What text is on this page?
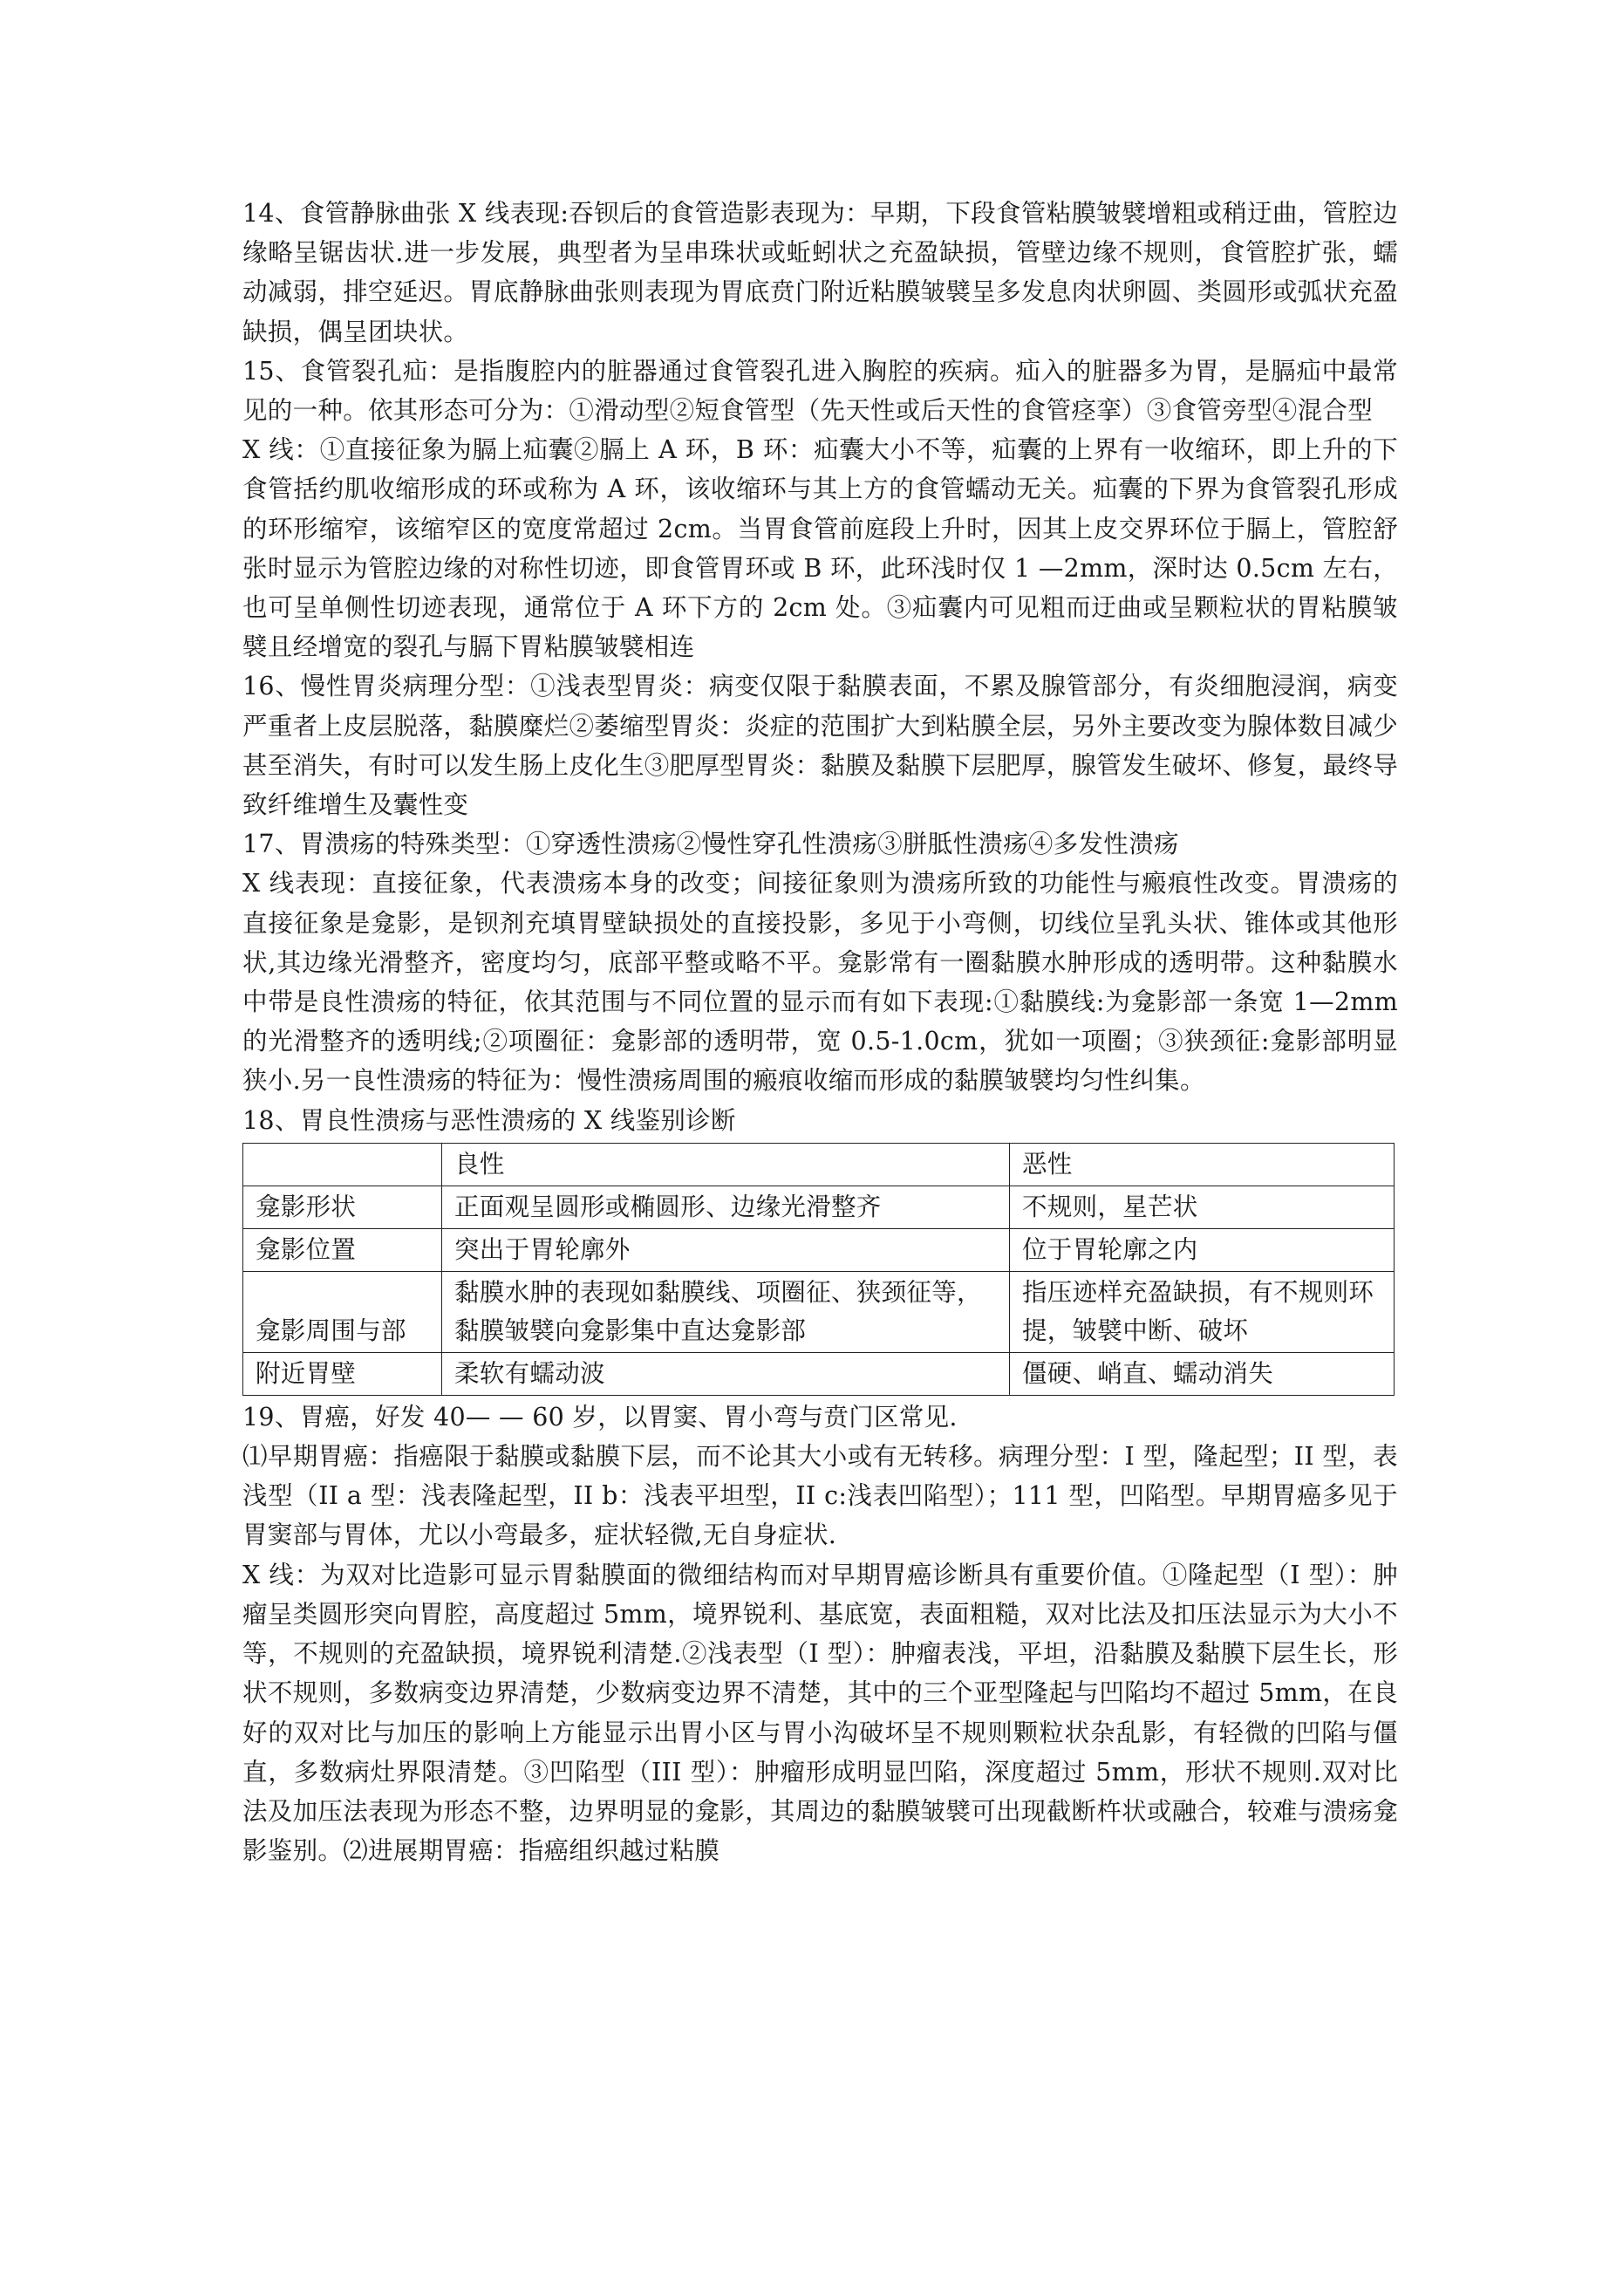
14、食管静脉曲张 X 线表现:吞钡后的食管造影表现为：早期，下段食管粘膜皱襞增粗或稍迂曲，管腔边缘略呈锯齿状.进一步发展，典型者为呈串珠状或蚯蚓状之充盈缺损，管壁边缘不规则，食管腔扩张，蠕动减弱，排空延迟。胃底静脉曲张则表现为胃底贲门附近粘膜皱襞呈多发息肉状卵圆、类圆形或弧状充盈缺损，偶呈团块状。

15、食管裂孔疝：是指腹腔内的脏器通过食管裂孔进入胸腔的疾病。疝入的脏器多为胃，是膈疝中最常见的一种。依其形态可分为：①滑动型②短食管型（先天性或后天性的食管痉挛）③食管旁型④混合型

X 线：①直接征象为膈上疝囊②膈上 A 环，B 环：疝囊大小不等，疝囊的上界有一收缩环，即上升的下食管括约肌收缩形成的环或称为 A 环，该收缩环与其上方的食管蠕动无关。疝囊的下界为食管裂孔形成的环形缩窄，该缩窄区的宽度常超过 2cm。当胃食管前庭段上升时，因其上皮交界环位于膈上，管腔舒张时显示为管腔边缘的对称性切迹，即食管胃环或 B 环，此环浅时仅 1 —2mm，深时达 0.5cm 左右，也可呈单侧性切迹表现，通常位于 A 环下方的 2cm 处。③疝囊内可见粗而迂曲或呈颗粒状的胃粘膜皱襞且经增宽的裂孔与膈下胃粘膜皱襞相连

16、慢性胃炎病理分型：①浅表型胃炎：病变仅限于黏膜表面，不累及腺管部分，有炎细胞浸润，病变严重者上皮层脱落，黏膜糜烂②萎缩型胃炎：炎症的范围扩大到粘膜全层，另外主要改变为腺体数目减少甚至消失，有时可以发生肠上皮化生③肥厚型胃炎：黏膜及黏膜下层肥厚，腺管发生破坏、修复，最终导致纤维增生及囊性变

17、胃溃疡的特殊类型：①穿透性溃疡②慢性穿孔性溃疡③胼胝性溃疡④多发性溃疡

X 线表现：直接征象，代表溃疡本身的改变；间接征象则为溃疡所致的功能性与瘢痕性改变。胃溃疡的直接征象是龛影，是钡剂充填胃壁缺损处的直接投影，多见于小弯侧，切线位呈乳头状、锥体或其他形状,其边缘光滑整齐，密度均匀，底部平整或略不平。龛影常有一圈黏膜水肿形成的透明带。这种黏膜水中带是良性溃疡的特征，依其范围与不同位置的显示而有如下表现:①黏膜线:为龛影部一条宽 1—2mm 的光滑整齐的透明线;②项圈征：龛影部的透明带，宽 0.5-1.0cm，犹如一项圈；③狭颈征:龛影部明显狭小.另一良性溃疡的特征为：慢性溃疡周围的瘢痕收缩而形成的黏膜皱襞均匀性纠集。

18、胃良性溃疡与恶性溃疡的 X 线鉴别诊断

	良性	恶性
龛影形状	正面观呈圆形或椭圆形、边缘光滑整齐	不规则，星芒状
龛影位置	突出于胃轮廓外	位于胃轮廓之内
龛影周围与部	黏膜水肿的表现如黏膜线、项圈征、狭颈征等，黏膜皱襞向龛影集中直达龛影部	指压迹样充盈缺损，有不规则环提，皱襞中断、破坏
附近胃壁	柔软有蠕动波	僵硬、峭直、蠕动消失

19、胃癌，好发 40— — 60 岁，以胃窦、胃小弯与贲门区常见.

⑴早期胃癌：指癌限于黏膜或黏膜下层，而不论其大小或有无转移。病理分型：I 型，隆起型；II 型，表浅型（II a 型：浅表隆起型，II b：浅表平坦型，II c:浅表凹陷型）；111 型，凹陷型。早期胃癌多见于胃窦部与胃体，尤以小弯最多，症状轻微,无自身症状.

X 线：为双对比造影可显示胃黏膜面的微细结构而对早期胃癌诊断具有重要价值。①隆起型（I 型）：肿瘤呈类圆形突向胃腔，高度超过 5mm，境界锐利、基底宽，表面粗糙，双对比法及扣压法显示为大小不等，不规则的充盈缺损，境界锐利清楚.②浅表型（I 型）：肿瘤表浅，平坦，沿黏膜及黏膜下层生长，形状不规则，多数病变边界清楚，少数病变边界不清楚，其中的三个亚型隆起与凹陷均不超过 5mm，在良好的双对比与加压的影响上方能显示出胃小区与胃小沟破坏呈不规则颗粒状杂乱影，有轻微的凹陷与僵直，多数病灶界限清楚。③凹陷型（III 型）：肿瘤形成明显凹陷，深度超过 5mm，形状不规则.双对比法及加压法表现为形态不整，边界明显的龛影，其周边的黏膜皱襞可出现截断杵状或融合，较难与溃疡龛影鉴别。⑵进展期胃癌：指癌组织越过粘膜
